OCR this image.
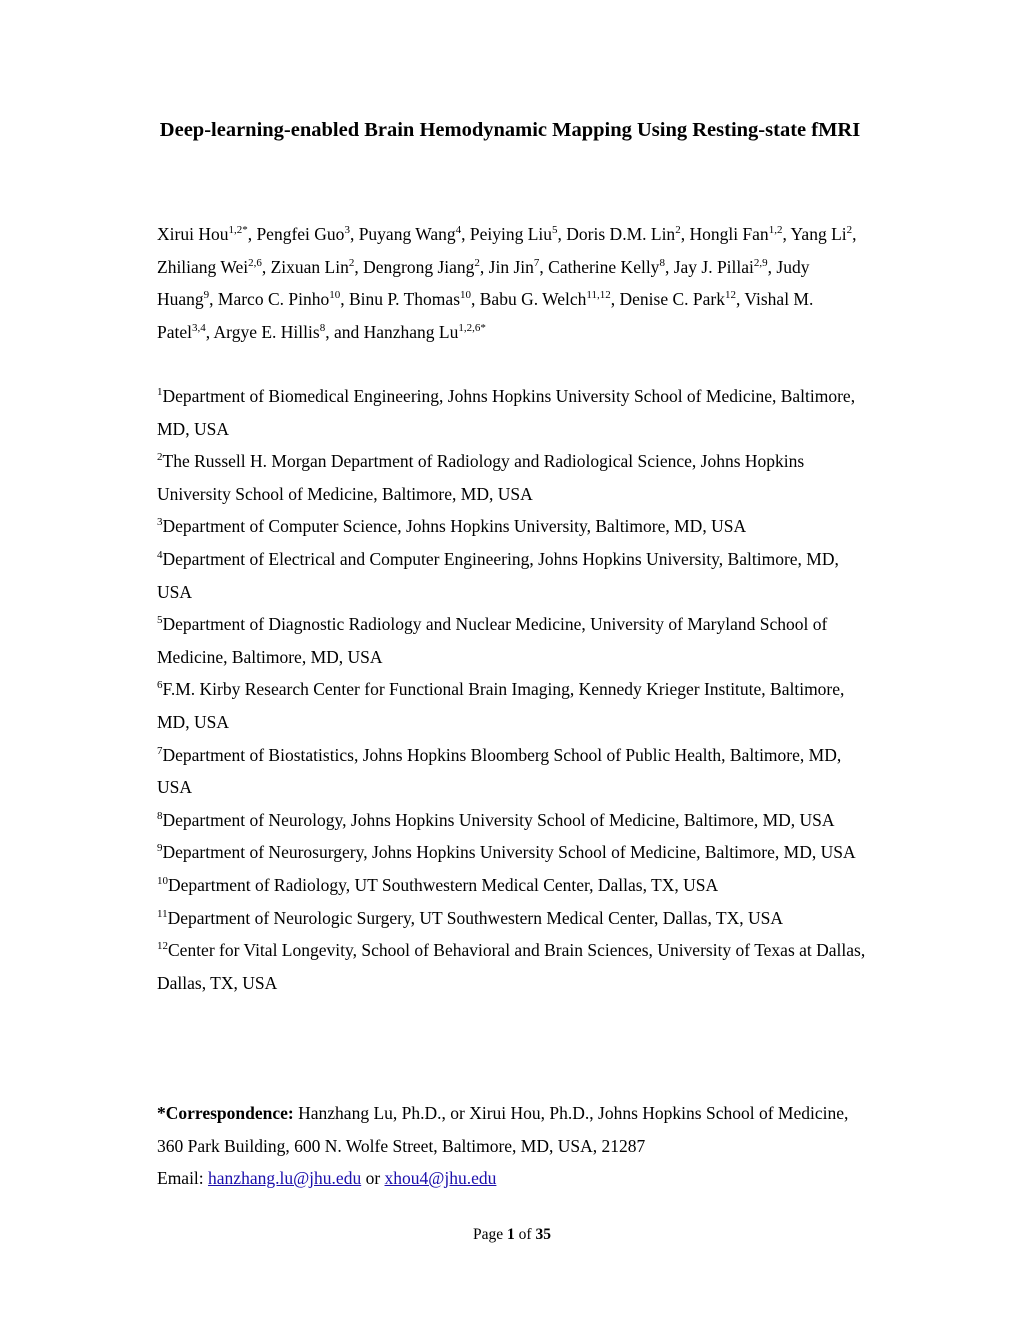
Deep-learning-enabled Brain Hemodynamic Mapping Using Resting-state fMRI
Xirui Hou$^{1,2*}$, Pengfei Guo$^3$, Puyang Wang$^4$, Peiying Liu$^5$, Doris D.M. Lin$^2$, Hongli Fan$^{1,2}$, Yang Li$^2$, Zhiliang Wei$^{2,6}$, Zixuan Lin$^2$, Dengrong Jiang$^2$, Jin Jin$^7$, Catherine Kelly$^8$, Jay J. Pillai$^{2,9}$, Judy Huang$^9$, Marco C. Pinho$^{10}$, Binu P. Thomas$^{10}$, Babu G. Welch$^{11,12}$, Denise C. Park$^{12}$, Vishal M. Patel$^{3,4}$, Argye E. Hillis$^8$, and Hanzhang $Lu^{1,2,6*}$
$^1$Department of Biomedical Engineering, Johns Hopkins University School of Medicine, Baltimore, MD, USA
$^2$The Russell H. Morgan Department of Radiology and Radiological Science, Johns Hopkins University School of Medicine, Baltimore, MD, USA
$^3$Department of Computer Science, Johns Hopkins University, Baltimore, MD, USA
$^4$Department of Electrical and Computer Engineering, Johns Hopkins University, Baltimore, MD, USA
$^5$Department of Diagnostic Radiology and Nuclear Medicine, University of Maryland School of Medicine, Baltimore, MD, USA
$^6$F.M. Kirby Research Center for Functional Brain Imaging, Kennedy Krieger Institute, Baltimore, MD, USA
$^7$Department of Biostatistics, Johns Hopkins Bloomberg School of Public Health, Baltimore, MD, USA
$^8$Department of Neurology, Johns Hopkins University School of Medicine, Baltimore, MD, USA
$^9$Department of Neurosurgery, Johns Hopkins University School of Medicine, Baltimore, MD, USA
$^{10}$Department of Radiology, UT Southwestern Medical Center, Dallas, TX, USA
$^{11}$Department of Neurologic Surgery, UT Southwestern Medical Center, Dallas, TX, USA
$^{12}$Center for Vital Longevity, School of Behavioral and Brain Sciences, University of Texas at Dallas, Dallas, TX, USA
*Correspondence: Hanzhang Lu, Ph.D., or Xirui Hou, Ph.D., Johns Hopkins School of Medicine, 360 Park Building, 600 N. Wolfe Street, Baltimore, MD, USA, 21287
Email: hanzhang.lu@jhu.edu or xhou4@jhu.edu
Page 1 of 35
